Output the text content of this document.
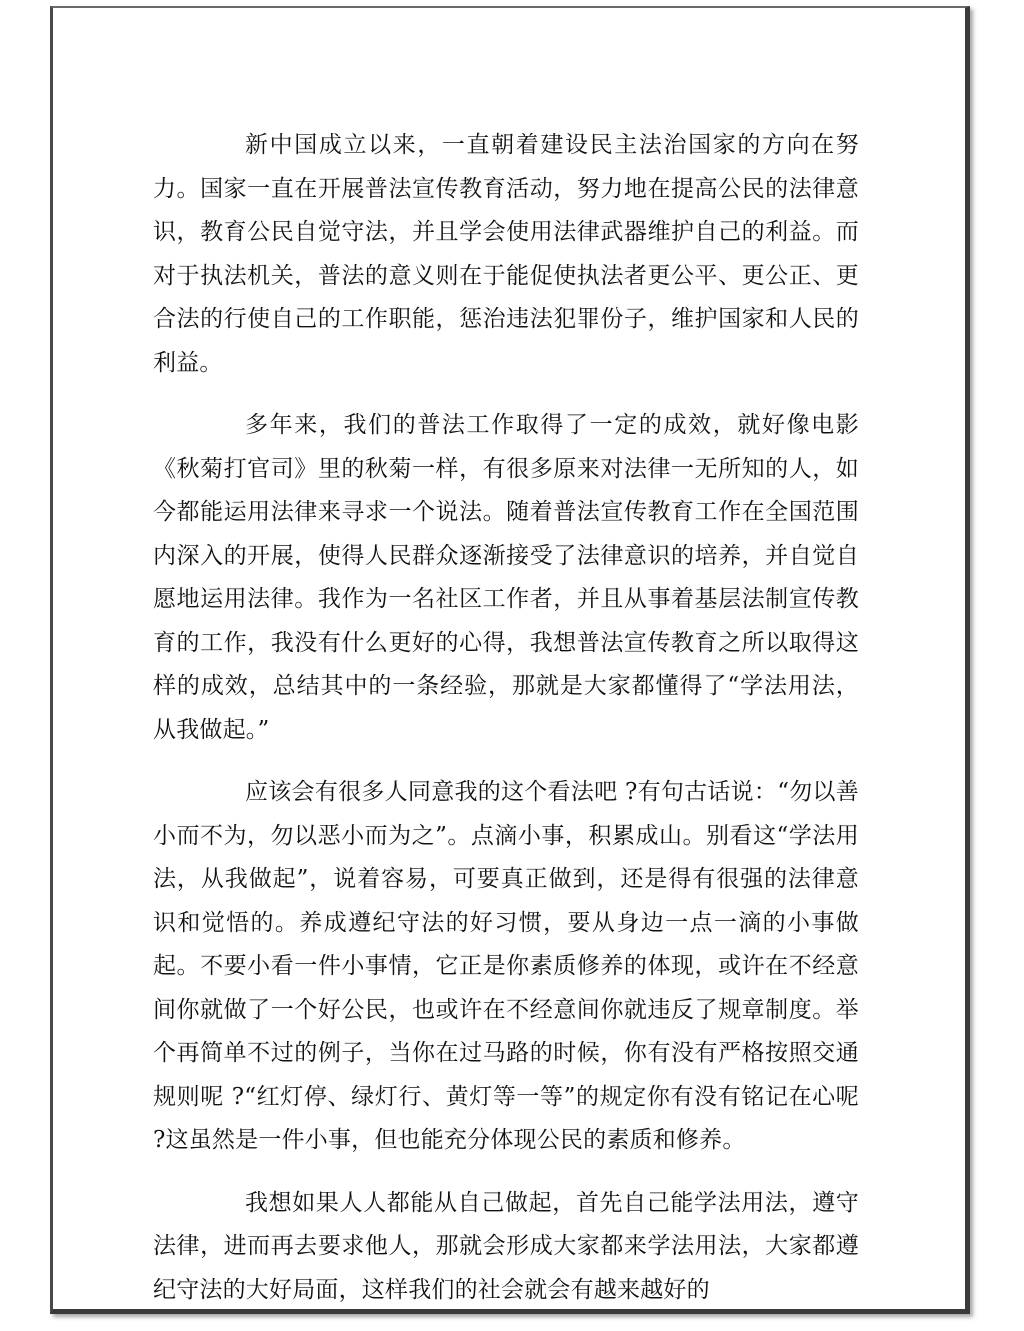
新中国成立以来，一直朝着建设民主法治国家的方向在努力。国家一直在开展普法宣传教育活动，努力地在提高公民的法律意识，教育公民自觉守法，并且学会使用法律武器维护自己的利益。而对于执法机关，普法的意义则在于能促使执法者更公平、更公正、更合法的行使自己的工作职能，惩治违法犯罪份子，维护国家和人民的利益。

多年来，我们的普法工作取得了一定的成效，就好像电影《秋菊打官司》里的秋菊一样，有很多原来对法律一无所知的人，如今都能运用法律来寻求一个说法。随着普法宣传教育工作在全国范围内深入的开展，使得人民群众逐渐接受了法律意识的培养，并自觉自愿地运用法律。我作为一名社区工作者，并且从事着基层法制宣传教育的工作，我没有什么更好的心得，我想普法宣传教育之所以取得这样的成效，总结其中的一条经验，那就是大家都懂得了“学法用法，从我做起。”

应该会有很多人同意我的这个看法吧 ?有句古话说：“勿以善小而不为，勿以恶小而为之”。点滴小事，积累成山。别看这“学法用法，从我做起”，说着容易，可要真正做到，还是得有很强的法律意识和觉悟的。养成遵纪守法的好习惯，要从身边一点一滴的小事做起。不要小看一件小事情，它正是你素质修养的体现，或许在不经意间你就做了一个好公民，也或许在不经意间你就违反了规章制度。举个再简单不过的例子，当你在过马路的时候，你有没有严格按照交通规则呢 ?“红灯停、绿灯行、黄灯等一等”的规定你有没有铭记在心呢 ?这虽然是一件小事，但也能充分体现公民的素质和修养。

我想如果人人都能从自己做起，首先自己能学法用法，遵守法律，进而再去要求他人，那就会形成大家都来学法用法，大家都遵纪守法的大好局面，这样我们的社会就会有越来越好的
